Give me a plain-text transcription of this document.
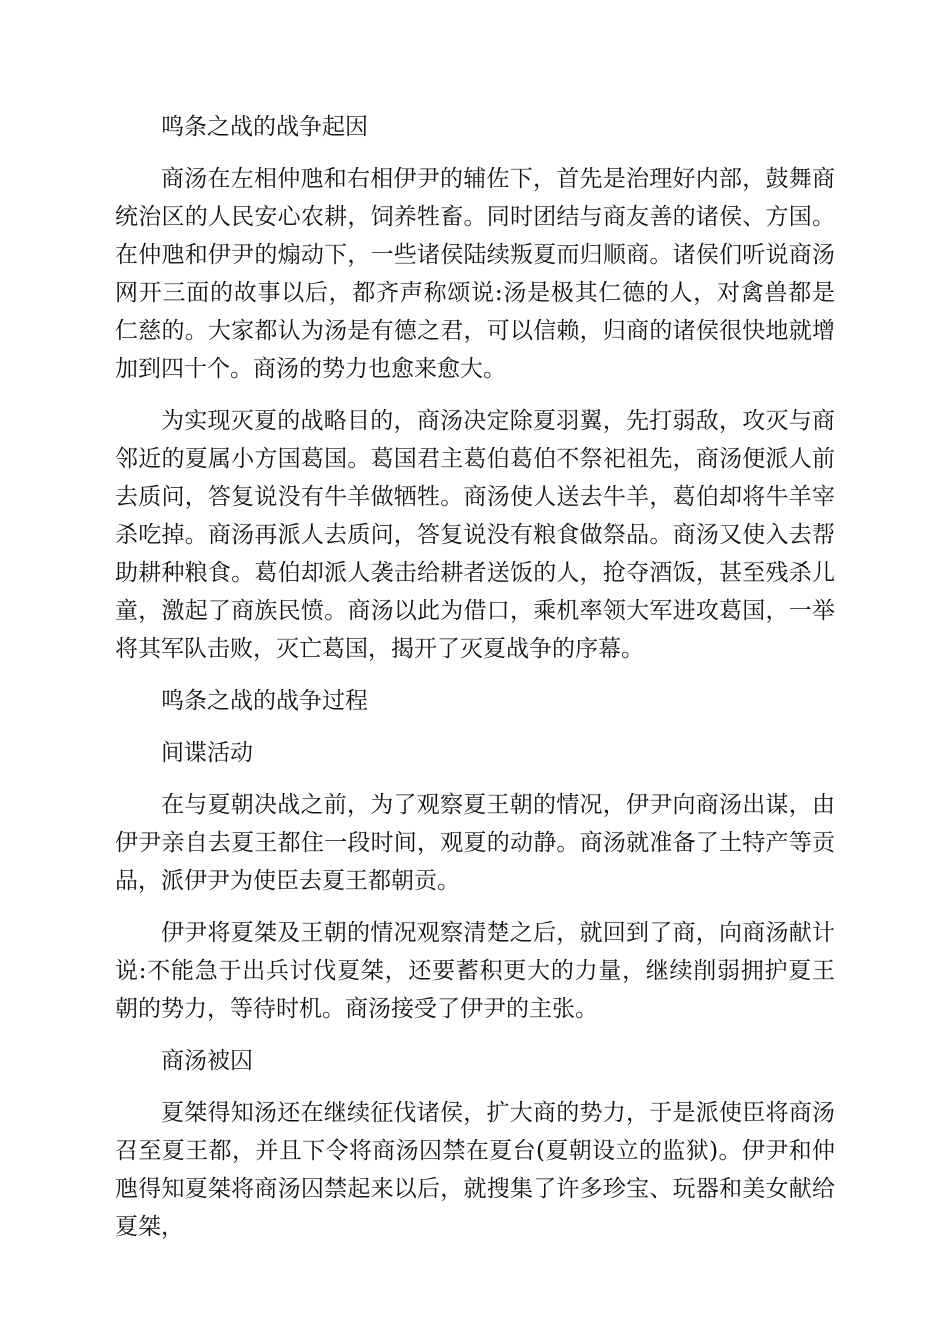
鸣条之战的战争起因

商汤在左相仲虺和右相伊尹的辅佐下，首先是治理好内部，鼓舞商统治区的人民安心农耕，饲养牲畜。同时团结与商友善的诸侯、方国。在仲虺和伊尹的煽动下，一些诸侯陆续叛夏而归顺商。诸侯们听说商汤网开三面的故事以后，都齐声称颂说:汤是极其仁德的人，对禽兽都是仁慈的。大家都认为汤是有德之君，可以信赖，归商的诸侯很快地就增加到四十个。商汤的势力也愈来愈大。

为实现灭夏的战略目的，商汤决定除夏羽翼，先打弱敌，攻灭与商邻近的夏属小方国葛国。葛国君主葛伯葛伯不祭祀祖先，商汤便派人前去质问，答复说没有牛羊做牺牲。商汤使人送去牛羊，葛伯却将牛羊宰杀吃掉。商汤再派人去质问，答复说没有粮食做祭品。商汤又使入去帮助耕种粮食。葛伯却派人袭击给耕者送饭的人，抢夺酒饭，甚至残杀儿童，激起了商族民愤。商汤以此为借口，乘机率领大军进攻葛国，一举将其军队击败，灭亡葛国，揭开了灭夏战争的序幕。

鸣条之战的战争过程

间谍活动

在与夏朝决战之前，为了观察夏王朝的情况，伊尹向商汤出谋，由伊尹亲自去夏王都住一段时间，观夏的动静。商汤就准备了土特产等贡品，派伊尹为使臣去夏王都朝贡。

伊尹将夏桀及王朝的情况观察清楚之后，就回到了商，向商汤献计说:不能急于出兵讨伐夏桀，还要蓄积更大的力量，继续削弱拥护夏王朝的势力，等待时机。商汤接受了伊尹的主张。

商汤被囚

夏桀得知汤还在继续征伐诸侯，扩大商的势力，于是派使臣将商汤召至夏王都，并且下令将商汤囚禁在夏台(夏朝设立的监狱)。伊尹和仲虺得知夏桀将商汤囚禁起来以后，就搜集了许多珍宝、玩器和美女献给夏桀，
